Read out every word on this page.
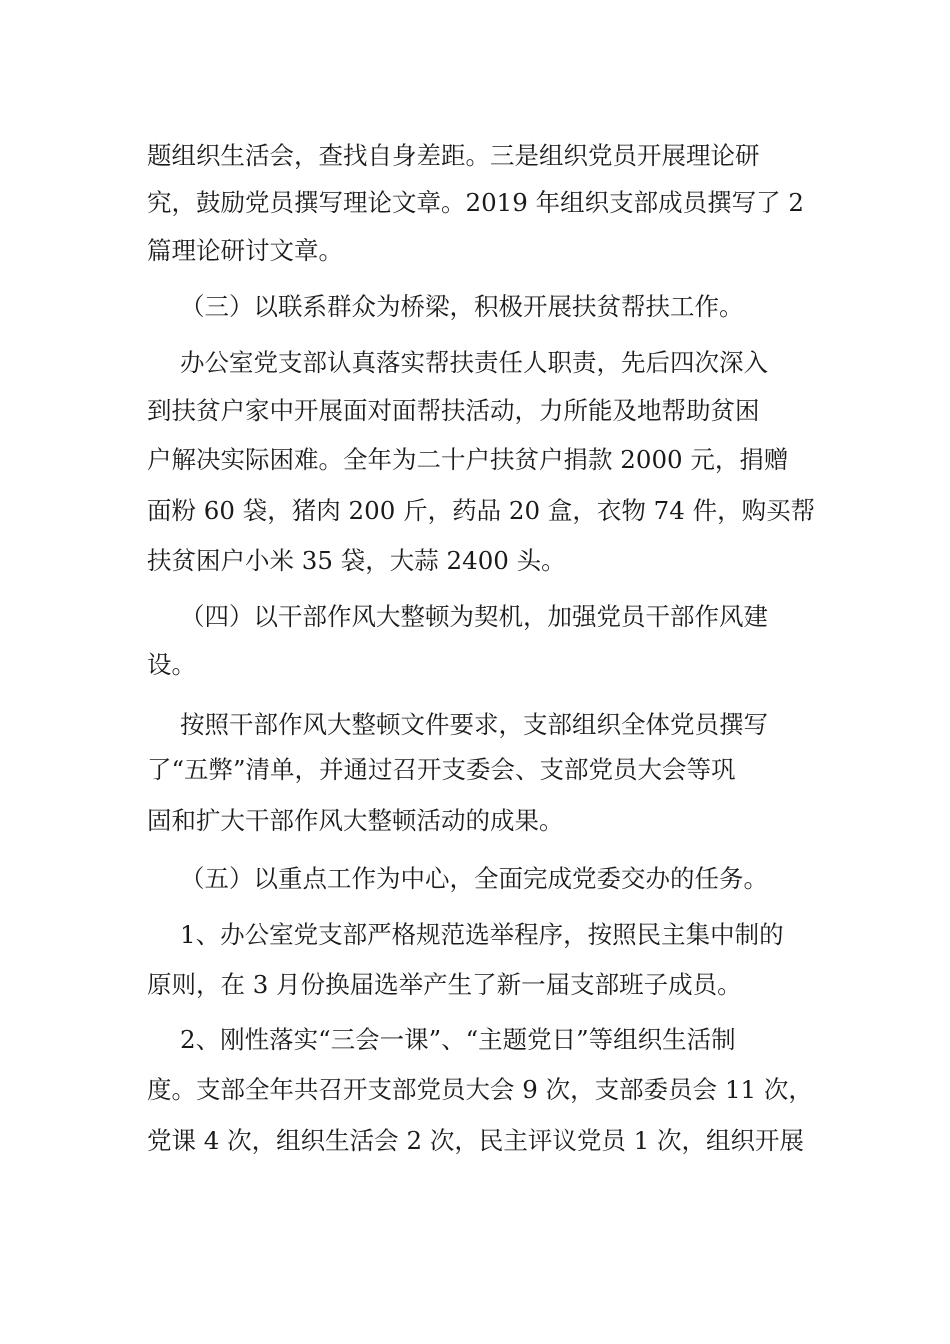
题组织生活会，查找自身差距。三是组织党员开展理论研
究，鼓励党员撰写理论文章。2019 年组织支部成员撰写了 2
篇理论研讨文章。
（三）以联系群众为桥梁，积极开展扶贫帮扶工作。
办公室党支部认真落实帮扶责任人职责，先后四次深入
到扶贫户家中开展面对面帮扶活动，力所能及地帮助贫困
户解决实际困难。全年为二十户扶贫户捐款 2000 元，捐赠
面粉 60 袋，猪肉 200 斤，药品 20 盒，衣物 74 件，购买帮
扶贫困户小米 35 袋，大蒜 2400 头。
（四）以干部作风大整顿为契机，加强党员干部作风建
设。
按照干部作风大整顿文件要求，支部组织全体党员撰写
了“五弊”清单，并通过召开支委会、支部党员大会等巩
固和扩大干部作风大整顿活动的成果。
（五）以重点工作为中心，全面完成党委交办的任务。
1、办公室党支部严格规范选举程序，按照民主集中制的
原则，在 3 月份换届选举产生了新一届支部班子成员。
2、刚性落实“三会一课”、“主题党日”等组织生活制
度。支部全年共召开支部党员大会 9 次，支部委员会 11 次，
党课 4 次，组织生活会 2 次，民主评议党员 1 次，组织开展
